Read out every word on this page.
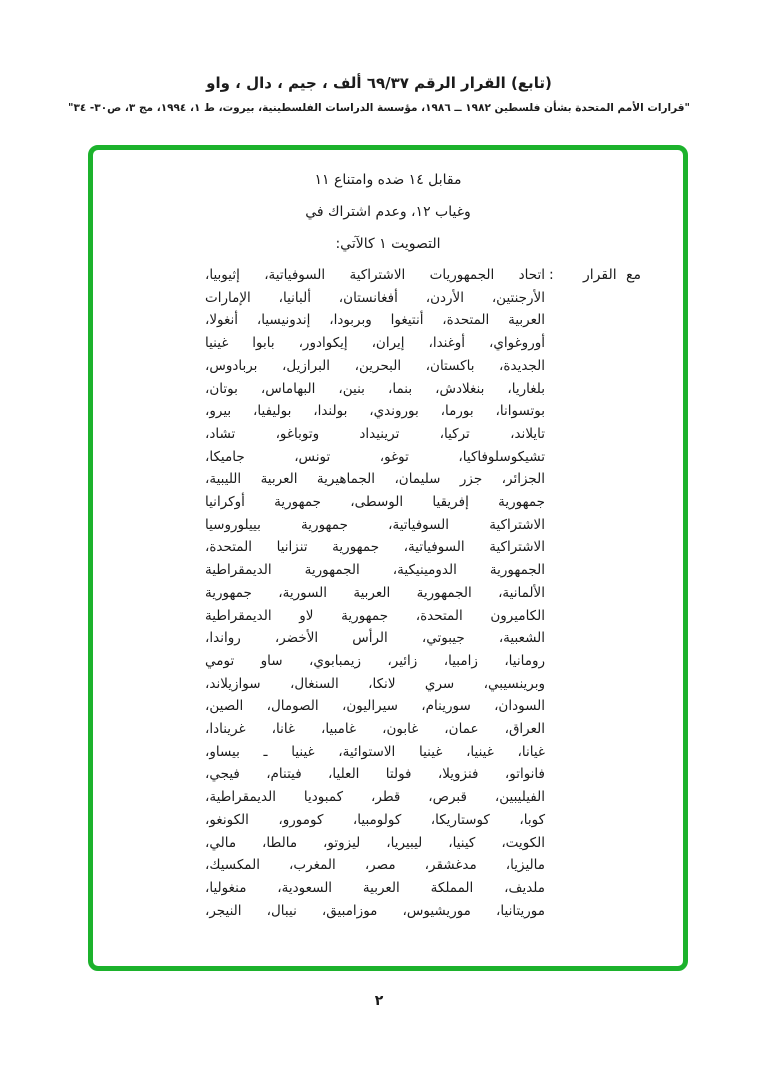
(تابع) القرار الرقم ٦٩/٣٧ ألف ، جيم ، دال ، واو
"قرارات الأمم المتحدة بشأن فلسطين ١٩٨٢ ــ ١٩٨٦، مؤسسة الدراسات الفلسطينية، بيروت، ط ١، ١٩٩٤، مج ٣، ص٣٠- ٣٤"
مقابل ١٤ ضده وامتناع ١١
وغياب ١٢، وعدم اشتراك في
التصويت ١ كالآتي:
مع القرار
:
اتحاد الجمهوريات الاشتراكية السوفياتية، إثيوبيا،
الأرجنتين، الأردن، أفغانستان، ألبانيا، الإمارات
العربية المتحدة، أنتيغوا وبربودا، إندونيسيا، أنغولا،
أوروغواي، أوغندا، إيران، إيكوادور، بابوا غينيا
الجديدة، باكستان، البحرين، البرازيل، بربادوس،
بلغاريا، بنغلادش، بنما، بنين، البهاماس، بوتان،
بوتسوانا، بورما، بوروندي، بولندا، بوليفيا، بيرو،
تايلاند، تركيا، ترينيداد وتوباغو، تشاد،
تشيكوسلوفاكيا، توغو، تونس، جاميكا،
الجزائر، جزر سليمان، الجماهيرية العربية الليبية،
جمهورية إفريقيا الوسطى، جمهورية أوكرانيا
الاشتراكية السوفياتية، جمهورية بييلوروسيا
الاشتراكية السوفياتية، جمهورية تنزانيا المتحدة،
الجمهورية الدومينيكية، الجمهورية الديمقراطية
الألمانية، الجمهورية العربية السورية، جمهورية
الكاميرون المتحدة، جمهورية لاو الديمقراطية
الشعبية، جيبوتي، الرأس الأخضر، رواندا،
رومانيا، زامبيا، زائير، زيمبابوي، ساو تومي
وبرينسيبي، سري لانكا، السنغال، سوازيلاند،
السودان، سورينام، سيراليون، الصومال، الصين،
العراق، عمان، غابون، غامبيا، غانا، غرينادا،
غيانا، غينيا، غينيا الاستوائية، غينيا ـ بيساو،
فانواتو، فنزويلا، فولتا العليا، فيتنام، فيجي،
الفيليبين، قبرص، قطر، كمبوديا الديمقراطية،
كوبا، كوستاريكا، كولومبيا، كومورو، الكونغو،
الكويت، كينيا، ليبيريا، ليزوتو، مالطا، مالي،
ماليزيا، مدغشقر، مصر، المغرب، المكسيك،
ملديف، المملكة العربية السعودية، منغوليا،
موريتانيا، موريشيوس، موزامبيق، نيبال، النيجر،
٢
